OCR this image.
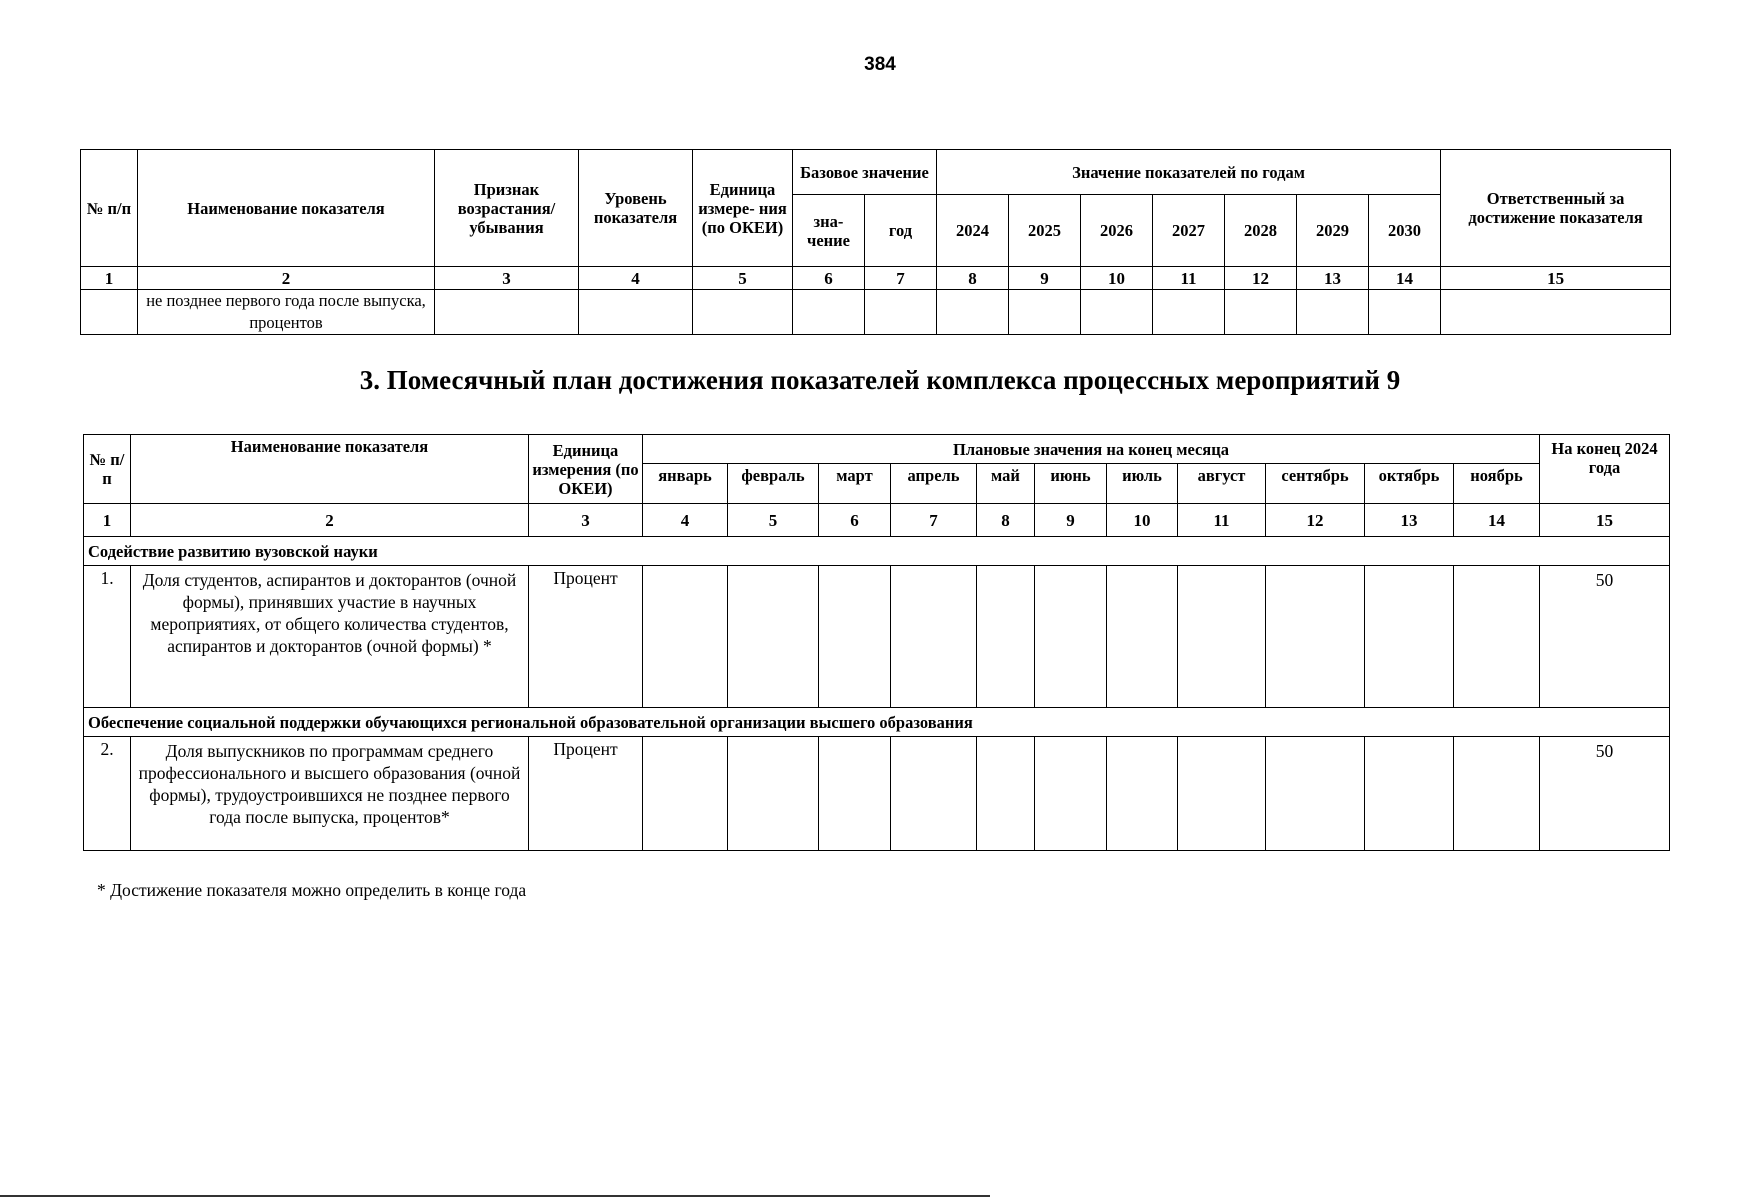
384
№ п/п	Наименование показателя	Признак возрастания/ убывания	Уровень показателя	Единица измере- ния (по ОКЕИ)	Базовое значение		Значение показателей по годам							Ответственный за достижение показателя
					зна- чение	год	2024	2025	2026	2027	2028	2029	2030	
1	2	3	4	5	6	7	8	9	10	11	12	13	14	15
	не позднее первого года после выпуска, процентов													
3. Помесячный план достижения показателей комплекса процессных мероприятий 9
№ п/п	Наименование показателя	Единица измерения (по ОКЕИ)	Плановые значения на конец месяца											На конец 2024 года
			январь	февраль	март	апрель	май	июнь	июль	август	сентябрь	октябрь	ноябрь	
1	2	3	4	5	6	7	8	9	10	11	12	13	14	15
Содействие развитию вузовской науки														
1.	Доля студентов, аспирантов и докторантов (очной формы), принявших участие в научных мероприятиях, от общего количества студентов, аспирантов и докторантов (очной формы) *	Процент												50
Обеспечение социальной поддержки обучающихся региональной образовательной организации высшего образования														
2.	Доля выпускников по программам среднего профессионального и высшего образования (очной формы), трудоустроившихся не позднее первого года после выпуска, процентов*	Процент												50
* Достижение показателя можно определить в конце года
